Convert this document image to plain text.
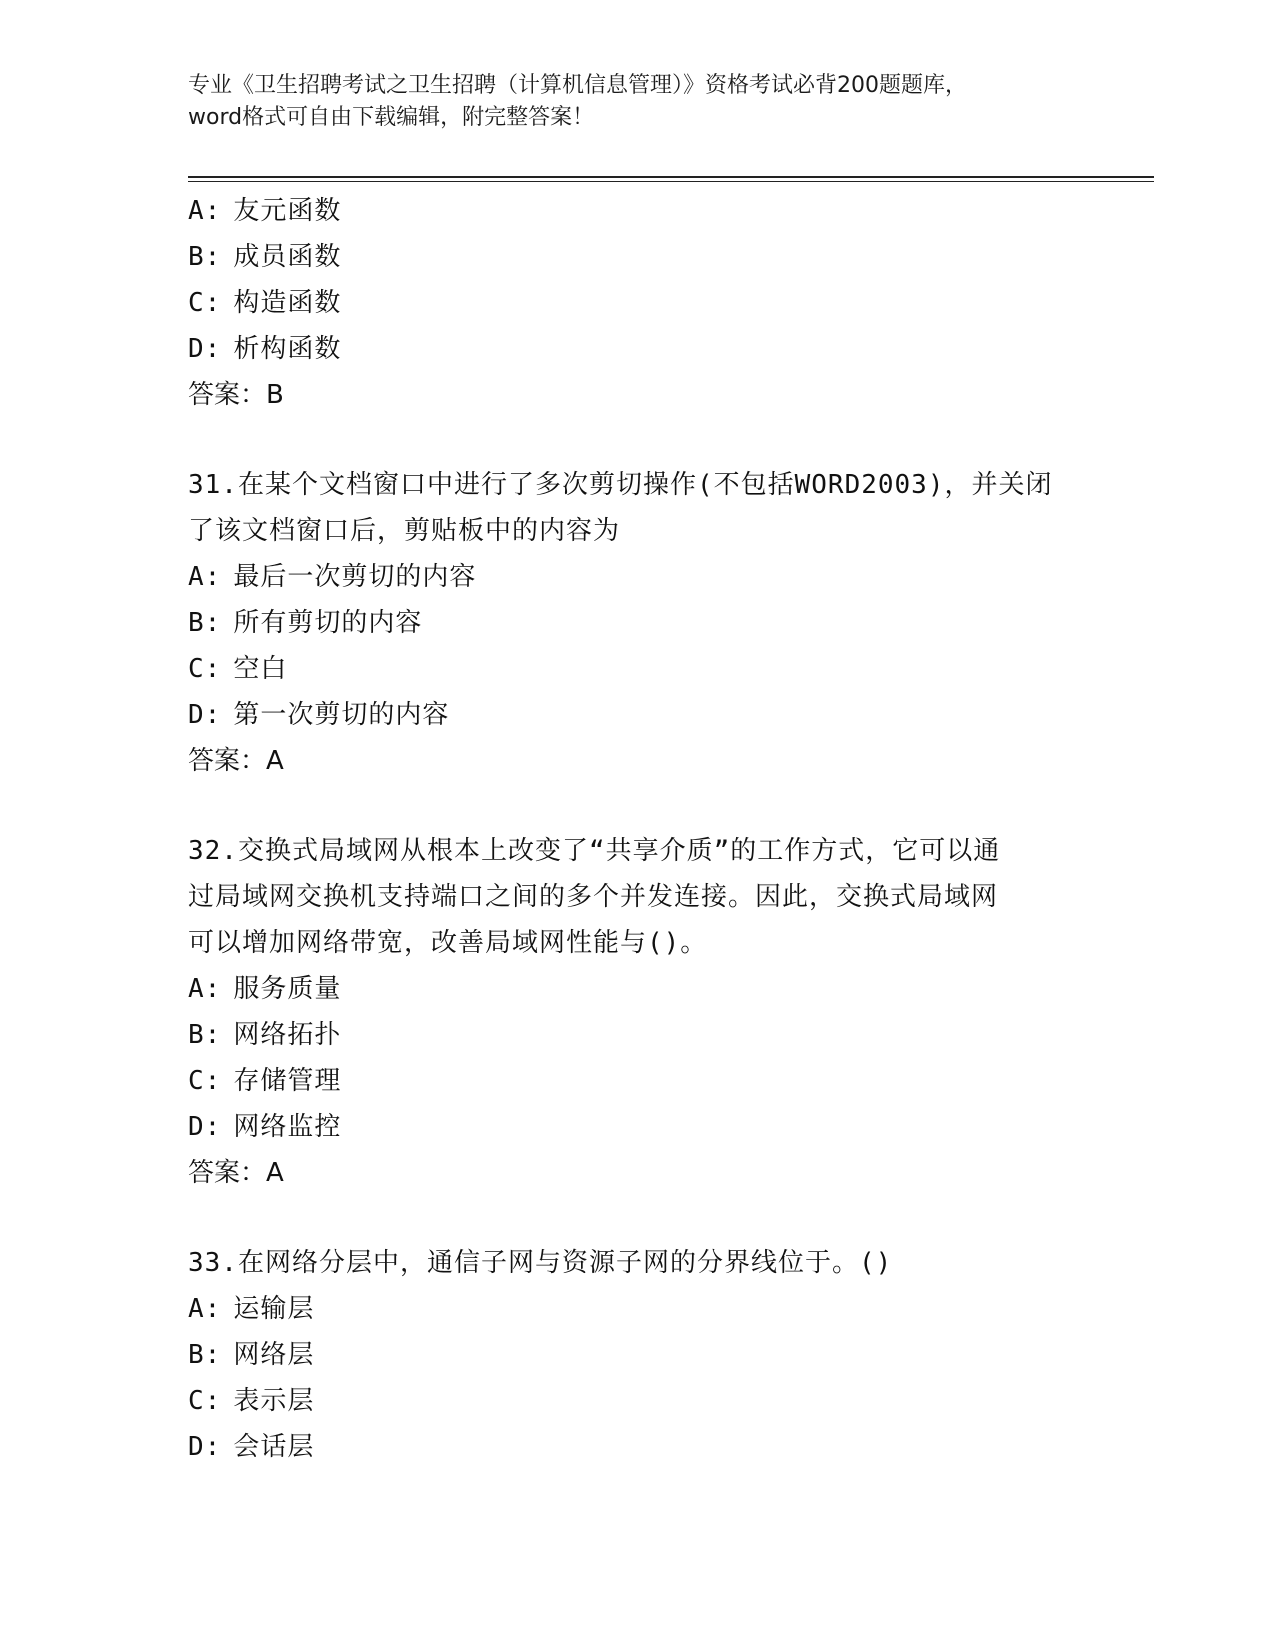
专业《卫生招聘考试之卫生招聘（计算机信息管理）》资格考试必背200题题库，
word格式可自由下载编辑，附完整答案！
A: 友元函数
B: 成员函数
C: 构造函数
D: 析构函数
答案：B
31.在某个文档窗口中进行了多次剪切操作(不包括WORD2003)，并关闭
了该文档窗口后，剪贴板中的内容为
A: 最后一次剪切的内容
B: 所有剪切的内容
C: 空白
D: 第一次剪切的内容
答案：A
32.交换式局域网从根本上改变了“共享介质”的工作方式，它可以通
过局域网交换机支持端口之间的多个并发连接。因此，交换式局域网
可以增加网络带宽，改善局域网性能与()。
A: 服务质量
B: 网络拓扑
C: 存储管理
D: 网络监控
答案：A
33.在网络分层中，通信子网与资源子网的分界线位于。()
A: 运输层
B: 网络层
C: 表示层
D: 会话层
